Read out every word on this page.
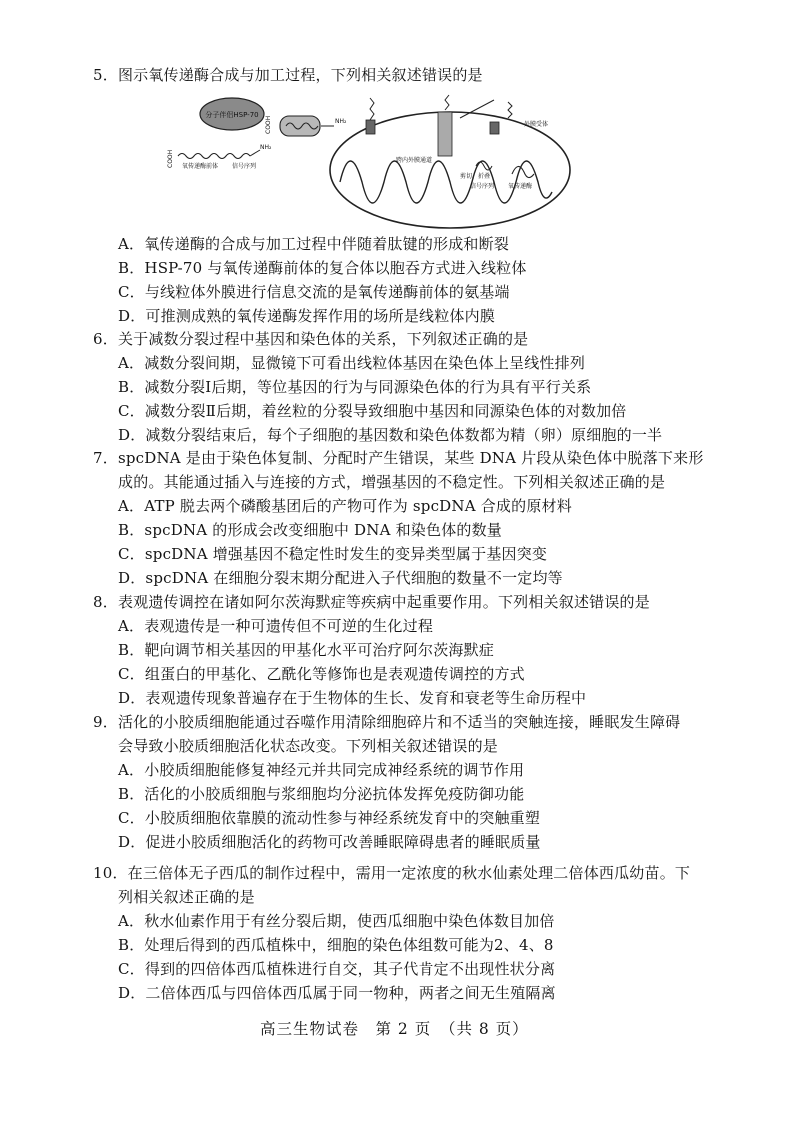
5．图示氧传递酶合成与加工过程，下列相关叙述错误的是
分子伴侣HSP-70
COOH	NH₂
COOH
NH₂
氧传递酶前体 信号序列
外膜受体
跨内外膜通道
剪切、折叠
信号序列 氧传递酶
A．氧传递酶的合成与加工过程中伴随着肽键的形成和断裂
B．HSP-70 与氧传递酶前体的复合体以胞吞方式进入线粒体
C．与线粒体外膜进行信息交流的是氧传递酶前体的氨基端
D．可推测成熟的氧传递酶发挥作用的场所是线粒体内膜
6．关于减数分裂过程中基因和染色体的关系，下列叙述正确的是
A．减数分裂间期，显微镜下可看出线粒体基因在染色体上呈线性排列
B．减数分裂Ⅰ后期，等位基因的行为与同源染色体的行为具有平行关系
C．减数分裂Ⅱ后期，着丝粒的分裂导致细胞中基因和同源染色体的对数加倍
D．减数分裂结束后，每个子细胞的基因数和染色体数都为精（卵）原细胞的一半
7．spcDNA 是由于染色体复制、分配时产生错误，某些 DNA 片段从染色体中脱落下来形
成的。其能通过插入与连接的方式，增强基因的不稳定性。下列相关叙述正确的是
A．ATP 脱去两个磷酸基团后的产物可作为 spcDNA 合成的原材料
B．spcDNA 的形成会改变细胞中 DNA 和染色体的数量
C．spcDNA 增强基因不稳定性时发生的变异类型属于基因突变
D．spcDNA 在细胞分裂末期分配进入子代细胞的数量不一定均等
8．表观遗传调控在诸如阿尔茨海默症等疾病中起重要作用。下列相关叙述错误的是
A．表观遗传是一种可遗传但不可逆的生化过程
B．靶向调节相关基因的甲基化水平可治疗阿尔茨海默症
C．组蛋白的甲基化、乙酰化等修饰也是表观遗传调控的方式
D．表观遗传现象普遍存在于生物体的生长、发育和衰老等生命历程中
9．活化的小胶质细胞能通过吞噬作用清除细胞碎片和不适当的突触连接，睡眠发生障碍
会导致小胶质细胞活化状态改变。下列相关叙述错误的是
A．小胶质细胞能修复神经元并共同完成神经系统的调节作用
B．活化的小胶质细胞与浆细胞均分泌抗体发挥免疫防御功能
C．小胶质细胞依靠膜的流动性参与神经系统发育中的突触重塑
D．促进小胶质细胞活化的药物可改善睡眠障碍患者的睡眠质量
10．在三倍体无子西瓜的制作过程中，需用一定浓度的秋水仙素处理二倍体西瓜幼苗。下
列相关叙述正确的是
A．秋水仙素作用于有丝分裂后期，使西瓜细胞中染色体数目加倍
B．处理后得到的西瓜植株中，细胞的染色体组数可能为2、4、8
C．得到的四倍体西瓜植株进行自交，其子代肯定不出现性状分离
D．二倍体西瓜与四倍体西瓜属于同一物种，两者之间无生殖隔离
高三生物试卷　第 2 页　（共 8 页）
